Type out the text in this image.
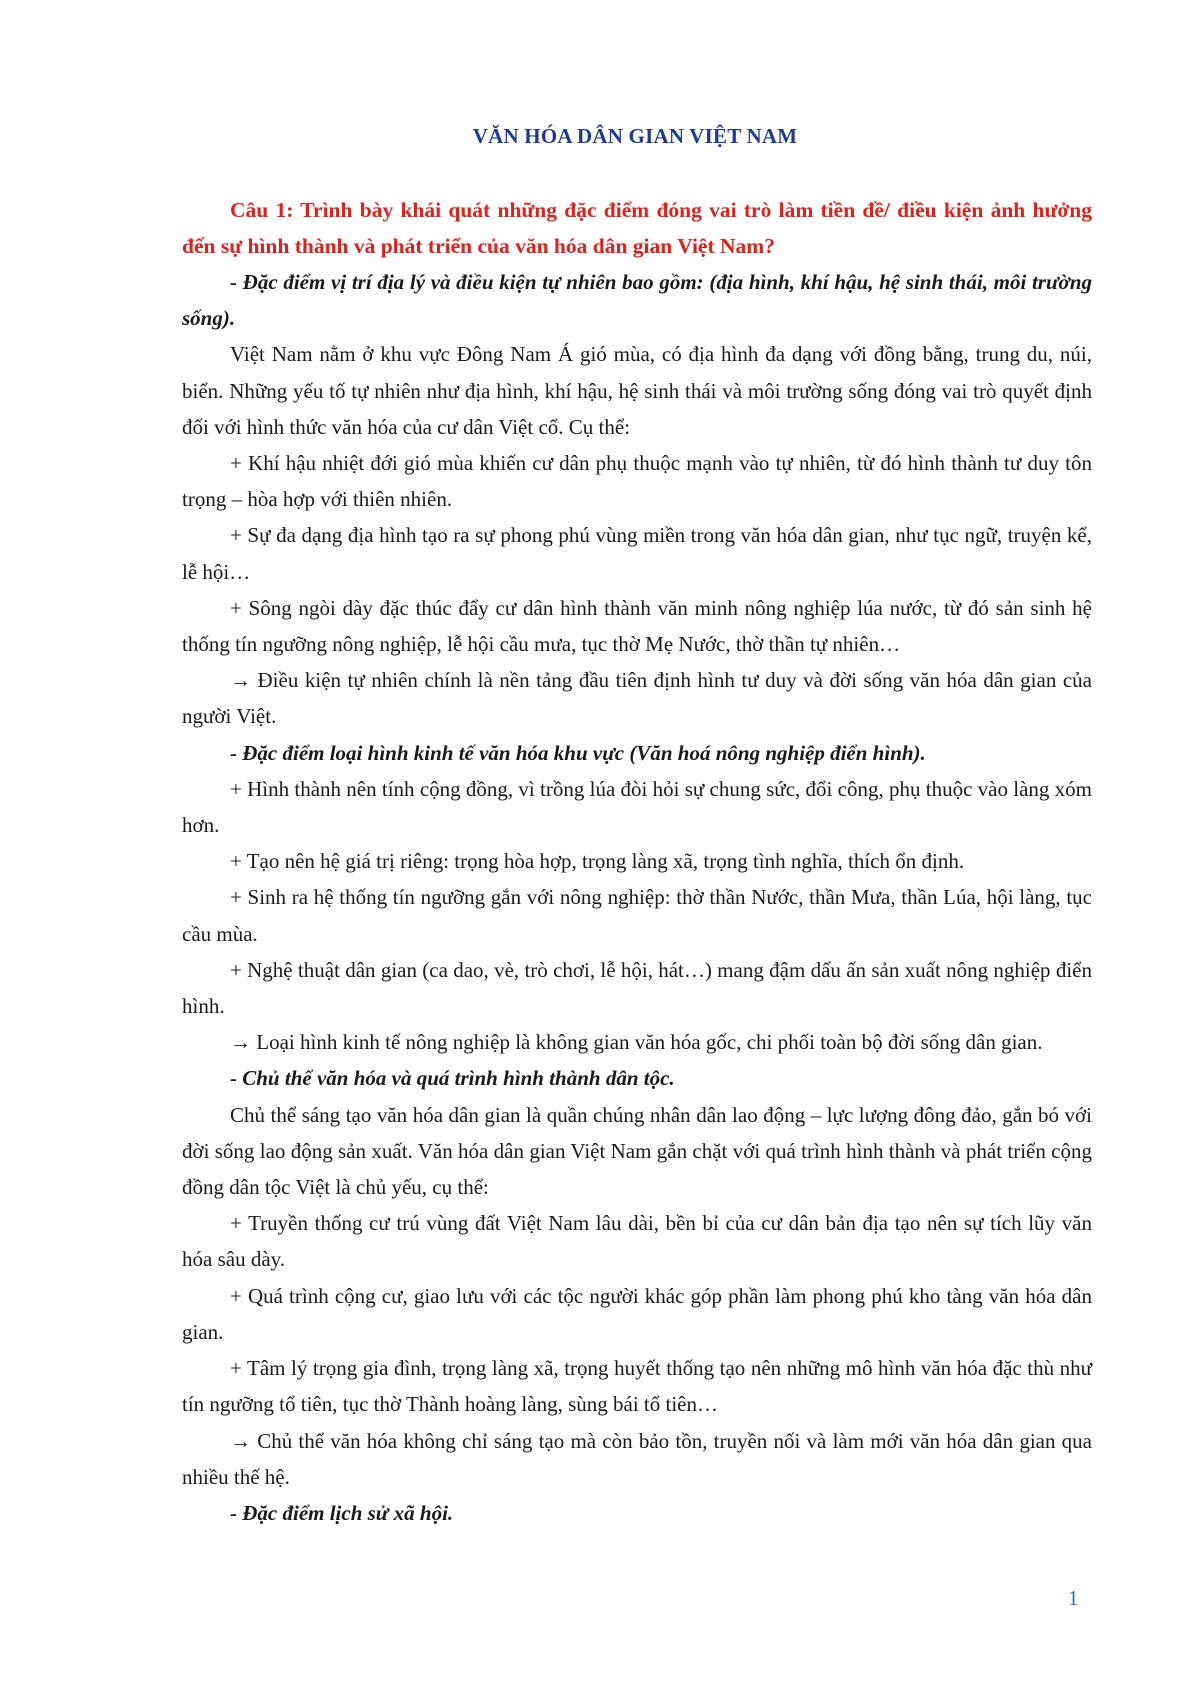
VĂN HÓA DÂN GIAN VIỆT NAM

Câu 1: Trình bày khái quát những đặc điểm đóng vai trò làm tiền đề/ điều kiện ảnh hưởng đến sự hình thành và phát triển của văn hóa dân gian Việt Nam?

- Đặc điểm vị trí địa lý và điều kiện tự nhiên bao gồm: (địa hình, khí hậu, hệ sinh thái, môi trường sống).

Việt Nam nằm ở khu vực Đông Nam Á gió mùa, có địa hình đa dạng với đồng bằng, trung du, núi, biển. Những yếu tố tự nhiên như địa hình, khí hậu, hệ sinh thái và môi trường sống đóng vai trò quyết định đối với hình thức văn hóa của cư dân Việt cổ. Cụ thể:

+ Khí hậu nhiệt đới gió mùa khiến cư dân phụ thuộc mạnh vào tự nhiên, từ đó hình thành tư duy tôn trọng – hòa hợp với thiên nhiên.

+ Sự đa dạng địa hình tạo ra sự phong phú vùng miền trong văn hóa dân gian, như tục ngữ, truyện kể, lễ hội…

+ Sông ngòi dày đặc thúc đẩy cư dân hình thành văn minh nông nghiệp lúa nước, từ đó sản sinh hệ thống tín ngưỡng nông nghiệp, lễ hội cầu mưa, tục thờ Mẹ Nước, thờ thần tự nhiên…

→ Điều kiện tự nhiên chính là nền tảng đầu tiên định hình tư duy và đời sống văn hóa dân gian của người Việt.

- Đặc điểm loại hình kinh tế văn hóa khu vực (Văn hoá nông nghiệp điển hình).

+ Hình thành nên tính cộng đồng, vì trồng lúa đòi hỏi sự chung sức, đổi công, phụ thuộc vào làng xóm hơn.

+ Tạo nên hệ giá trị riêng: trọng hòa hợp, trọng làng xã, trọng tình nghĩa, thích ổn định.

+ Sinh ra hệ thống tín ngưỡng gắn với nông nghiệp: thờ thần Nước, thần Mưa, thần Lúa, hội làng, tục cầu mùa.

+ Nghệ thuật dân gian (ca dao, vè, trò chơi, lễ hội, hát…) mang đậm dấu ấn sản xuất nông nghiệp điển hình.

→ Loại hình kinh tế nông nghiệp là không gian văn hóa gốc, chi phối toàn bộ đời sống dân gian.

- Chủ thể văn hóa và quá trình hình thành dân tộc.

Chủ thể sáng tạo văn hóa dân gian là quần chúng nhân dân lao động – lực lượng đông đảo, gắn bó với đời sống lao động sản xuất. Văn hóa dân gian Việt Nam gắn chặt với quá trình hình thành và phát triển cộng đồng dân tộc Việt là chủ yếu, cụ thể:

+ Truyền thống cư trú vùng đất Việt Nam lâu dài, bền bỉ của cư dân bản địa tạo nên sự tích lũy văn hóa sâu dày.

+ Quá trình cộng cư, giao lưu với các tộc người khác góp phần làm phong phú kho tàng văn hóa dân gian.

+ Tâm lý trọng gia đình, trọng làng xã, trọng huyết thống tạo nên những mô hình văn hóa đặc thù như tín ngưỡng tổ tiên, tục thờ Thành hoàng làng, sùng bái tổ tiên…

→ Chủ thể văn hóa không chỉ sáng tạo mà còn bảo tồn, truyền nối và làm mới văn hóa dân gian qua nhiều thế hệ.

- Đặc điểm lịch sử xã hội.

1
